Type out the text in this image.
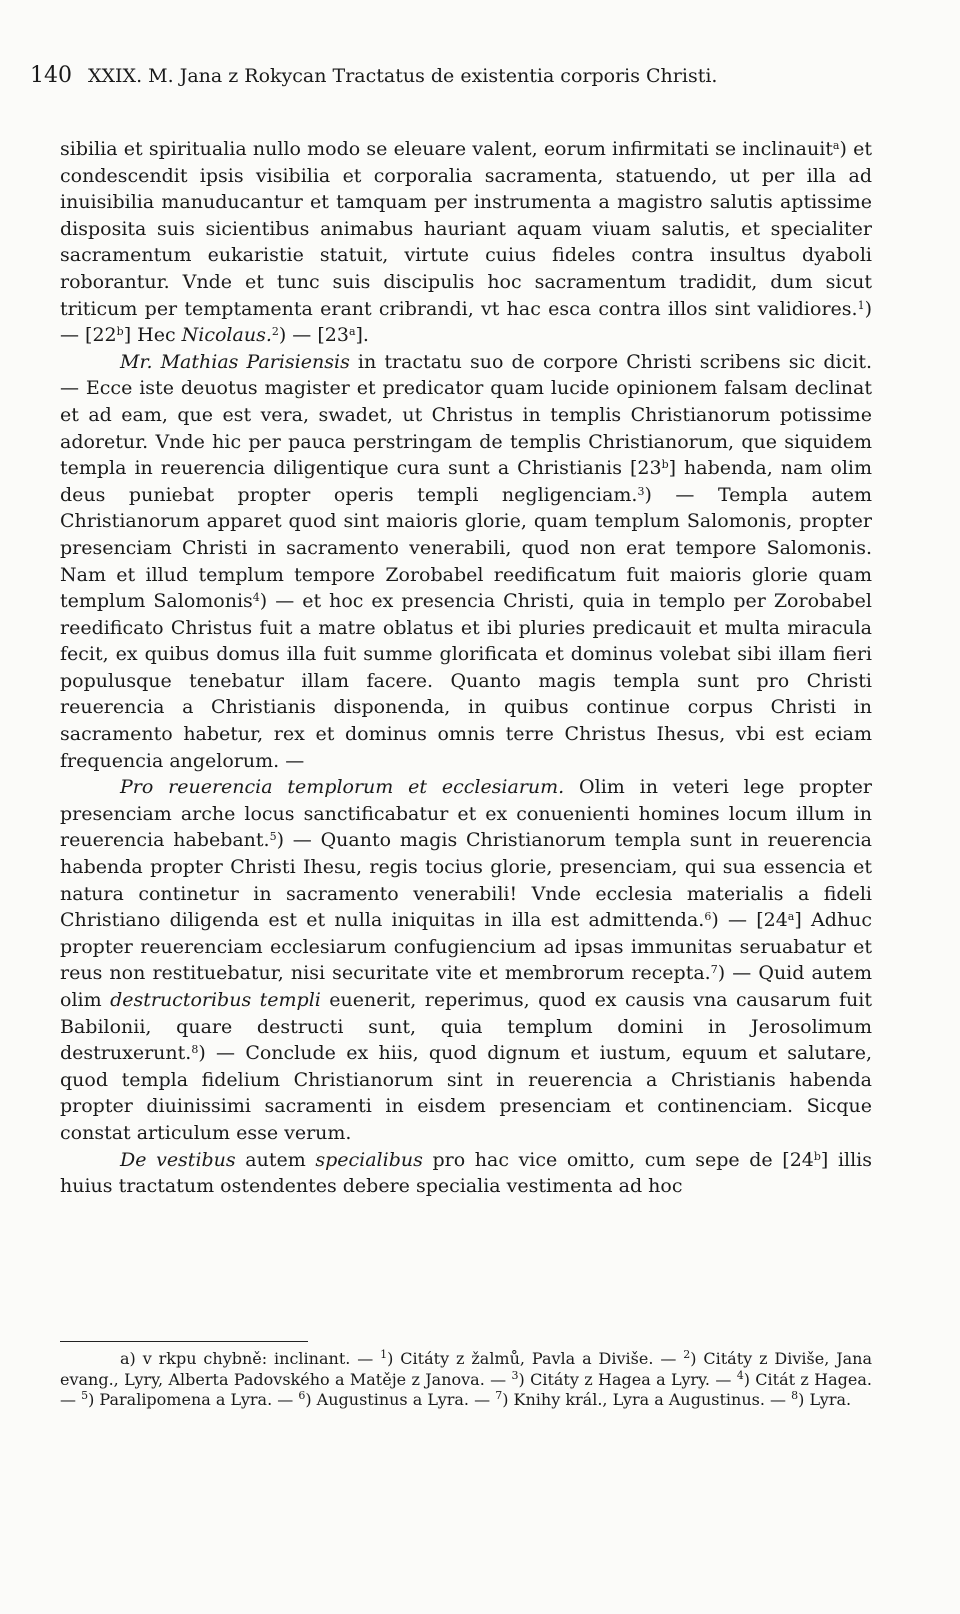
140 XXIX. M. Jana z Rokycan Tractatus de existentia corporis Christi.

sibilia et spiritualia nullo modo se eleuare valent, eorum infirmitati se inclinauit$^a$) et condescendit ipsis visibilia et corporalia sacramenta, statuendo, ut per illa ad inuisibilia manuducantur et tamquam per instrumenta a magistro salutis aptissime disposita suis sicientibus animabus hauriant aquam viuam salutis, et specialiter sacramentum eukaristie statuit, virtute cuius fideles contra insultus dyaboli roborantur. Vnde et tunc suis discipulis hoc sacramentum tradidit, dum sicut triticum per temptamenta erant cribrandi, vt hac esca contra illos sint validiores.$^1$) — [22$^b$] Hec Nicolaus.$^2$) — [23$^a$].

Mr. Mathias Parisiensis in tractatu suo de corpore Christi scribens sic dicit. — Ecce iste deuotus magister et predicator quam lucide opinionem falsam declinat et ad eam, que est vera, swadet, ut Christus in templis Christianorum potissime adoretur. Vnde hic per pauca perstringam de templis Christianorum, que siquidem templa in reuerencia diligentique cura sunt a Christianis [23$^b$] habenda, nam olim deus puniebat propter operis templi negligenciam.$^3$) — Templa autem Christianorum apparet quod sint maioris glorie, quam templum Salomonis, propter presenciam Christi in sacramento venerabili, quod non erat tempore Salomonis. Nam et illud templum tempore Zorobabel reedificatum fuit maioris glorie quam templum Salomonis$^4$) — et hoc ex presencia Christi, quia in templo per Zorobabel reedificato Christus fuit a matre oblatus et ibi pluries predicauit et multa miracula fecit, ex quibus domus illa fuit summe glorificata et dominus volebat sibi illam fieri populusque tenebatur illam facere. Quanto magis templa sunt pro Christi reuerencia a Christianis disponenda, in quibus continue corpus Christi in sacramento habetur, rex et dominus omnis terre Christus Ihesus, vbi est eciam frequencia angelorum. —

Pro reuerencia templorum et ecclesiarum. Olim in veteri lege propter presenciam arche locus sanctificabatur et ex conuenienti homines locum illum in reuerencia habebant.$^5$) — Quanto magis Christianorum templa sunt in reuerencia habenda propter Christi Ihesu, regis tocius glorie, presenciam, qui sua essencia et natura continetur in sacramento venerabili! Vnde ecclesia materialis a fideli Christiano diligenda est et nulla iniquitas in illa est admittenda.$^6$) — [24$^a$] Adhuc propter reuerenciam ecclesiarum confugiencium ad ipsas immunitas seruabatur et reus non restituebatur, nisi securitate vite et membrorum recepta.$^7$) — Quid autem olim destructoribus templi euenerit, reperimus, quod ex causis vna causarum fuit Babilonii, quare destructi sunt, quia templum domini in Jerosolimum destruxerunt.$^8$) — Conclude ex hiis, quod dignum et iustum, equum et salutare, quod templa fidelium Christianorum sint in reuerencia a Christianis habenda propter diuinissimi sacramenti in eisdem presenciam et continenciam. Sicque constat articulum esse verum.

De vestibus autem specialibus pro hac vice omitto, cum sepe de [24$^b$] illis huius tractatum ostendentes debere specialia vestimenta ad hoc

a) v rkpu chybně: inclinant. — $^1$) Citáty z žalmů, Pavla a Diviše. — $^2$) Citáty z Diviše, Jana evang., Lyry, Alberta Padovského a Matěje z Janova. — $^3$) Citáty z Hagea a Lyry. — $^4$) Citát z Hagea. — $^5$) Paralipomena a Lyra. — $^6$) Augustinus a Lyra. — $^7$) Knihy král., Lyra a Augustinus. — $^8$) Lyra.
